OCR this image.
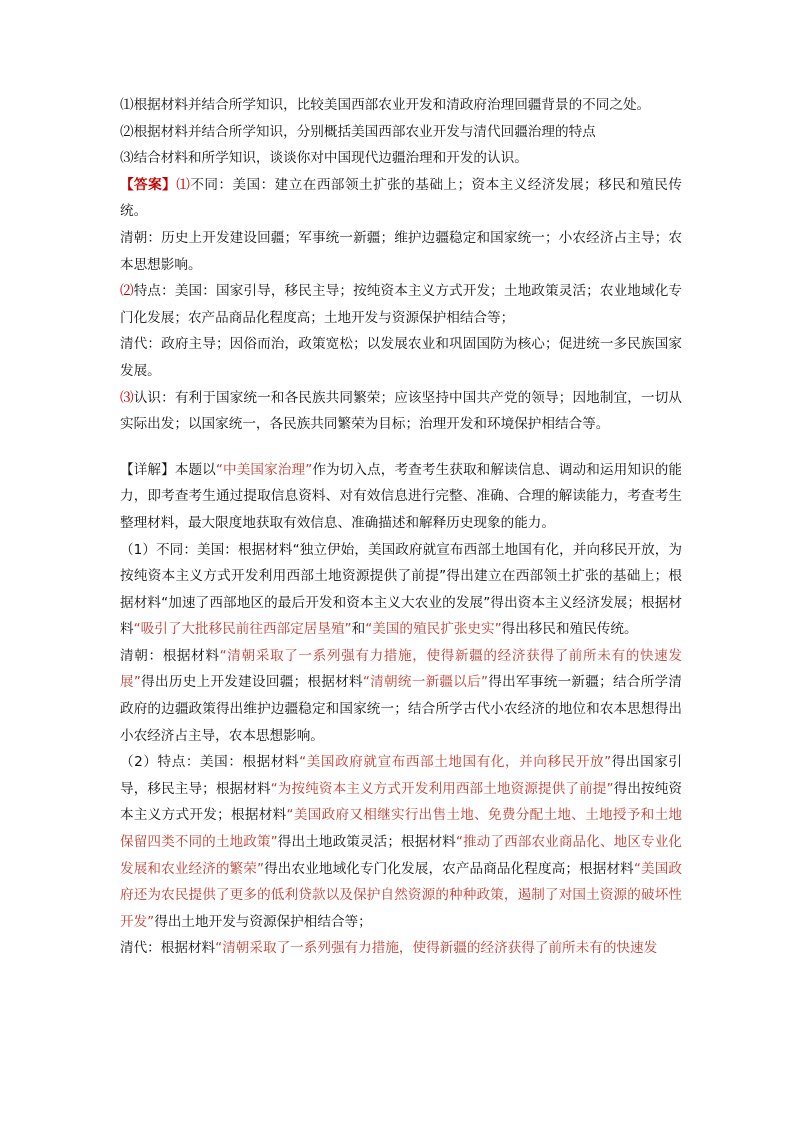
⑴根据材料并结合所学知识，比较美国西部农业开发和清政府治理回疆背景的不同之处。

⑵根据材料并结合所学知识，分别概括美国西部农业开发与清代回疆治理的特点

⑶结合材料和所学知识，谈谈你对中国现代边疆治理和开发的认识。

【答案】⑴不同：美国：建立在西部领土扩张的基础上；资本主义经济发展；移民和殖民传统。

清朝：历史上开发建设回疆；军事统一新疆；维护边疆稳定和国家统一；小农经济占主导；农本思想影响。

⑵特点：美国：国家引导，移民主导；按纯资本主义方式开发；土地政策灵活；农业地域化专门化发展；农产品商品化程度高；土地开发与资源保护相结合等；

清代：政府主导；因俗而治，政策宽松；以发展农业和巩固国防为核心；促进统一多民族国家发展。

⑶认识：有利于国家统一和各民族共同繁荣；应该坚持中国共产党的领导；因地制宜，一切从实际出发；以国家统一，各民族共同繁荣为目标；治理开发和环境保护相结合等。

【详解】本题以“中美国家治理”作为切入点，考查考生获取和解读信息、调动和运用知识的能力，即考查考生通过提取信息资料、对有效信息进行完整、准确、合理的解读能力，考查考生整理材料，最大限度地获取有效信息、准确描述和解释历史现象的能力。

（1）不同：美国：根据材料“独立伊始，美国政府就宣布西部土地国有化，并向移民开放，为按纯资本主义方式开发利用西部土地资源提供了前提”得出建立在西部领土扩张的基础上；根据材料“加速了西部地区的最后开发和资本主义大农业的发展”得出资本主义经济发展；根据材料“吸引了大批移民前往西部定居垦殖”和“美国的殖民扩张史实”得出移民和殖民传统。

清朝：根据材料“清朝采取了一系列强有力措施，使得新疆的经济获得了前所未有的快速发展”得出历史上开发建设回疆；根据材料“清朝统一新疆以后”得出军事统一新疆；结合所学清政府的边疆政策得出维护边疆稳定和国家统一；结合所学古代小农经济的地位和农本思想得出小农经济占主导，农本思想影响。

（2）特点：美国：根据材料“美国政府就宣布西部土地国有化，并向移民开放”得出国家引导，移民主导；根据材料“为按纯资本主义方式开发利用西部土地资源提供了前提”得出按纯资本主义方式开发；根据材料“美国政府又相继实行出售土地、免费分配土地、土地授予和土地保留四类不同的土地政策”得出土地政策灵活；根据材料“推动了西部农业商品化、地区专业化发展和农业经济的繁荣”得出农业地域化专门化发展，农产品商品化程度高；根据材料“美国政府还为农民提供了更多的低利贷款以及保护自然资源的种种政策，遏制了对国土资源的破坏性开发”得出土地开发与资源保护相结合等；

清代：根据材料“清朝采取了一系列强有力措施，使得新疆的经济获得了前所未有的快速发
